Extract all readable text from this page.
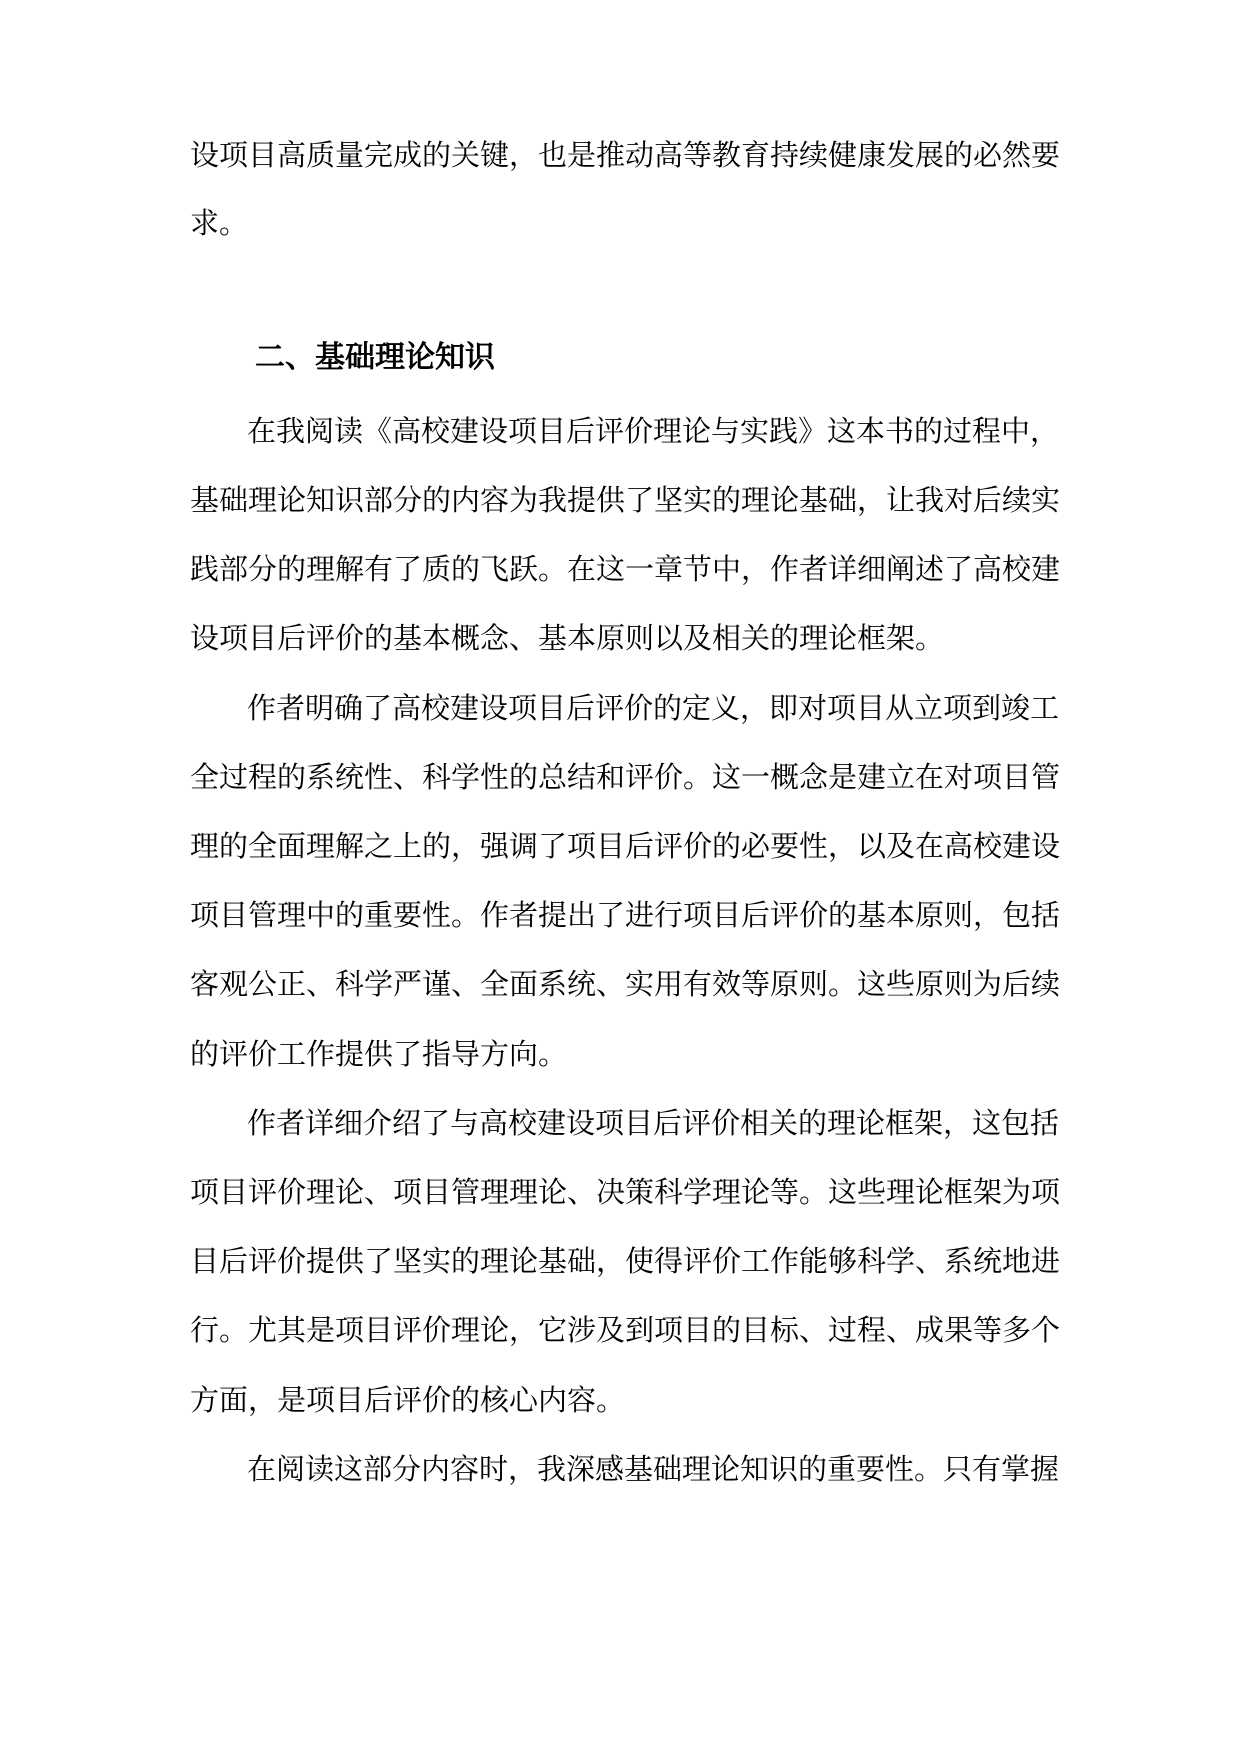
设项目高质量完成的关键，也是推动高等教育持续健康发展的必然要
求。
二、基础理论知识
在我阅读《高校建设项目后评价理论与实践》这本书的过程中，
基础理论知识部分的内容为我提供了坚实的理论基础，让我对后续实
践部分的理解有了质的飞跃。在这一章节中，作者详细阐述了高校建
设项目后评价的基本概念、基本原则以及相关的理论框架。
作者明确了高校建设项目后评价的定义，即对项目从立项到竣工
全过程的系统性、科学性的总结和评价。这一概念是建立在对项目管
理的全面理解之上的，强调了项目后评价的必要性，以及在高校建设
项目管理中的重要性。作者提出了进行项目后评价的基本原则，包括
客观公正、科学严谨、全面系统、实用有效等原则。这些原则为后续
的评价工作提供了指导方向。
作者详细介绍了与高校建设项目后评价相关的理论框架，这包括
项目评价理论、项目管理理论、决策科学理论等。这些理论框架为项
目后评价提供了坚实的理论基础，使得评价工作能够科学、系统地进
行。尤其是项目评价理论，它涉及到项目的目标、过程、成果等多个
方面，是项目后评价的核心内容。
在阅读这部分内容时，我深感基础理论知识的重要性。只有掌握
